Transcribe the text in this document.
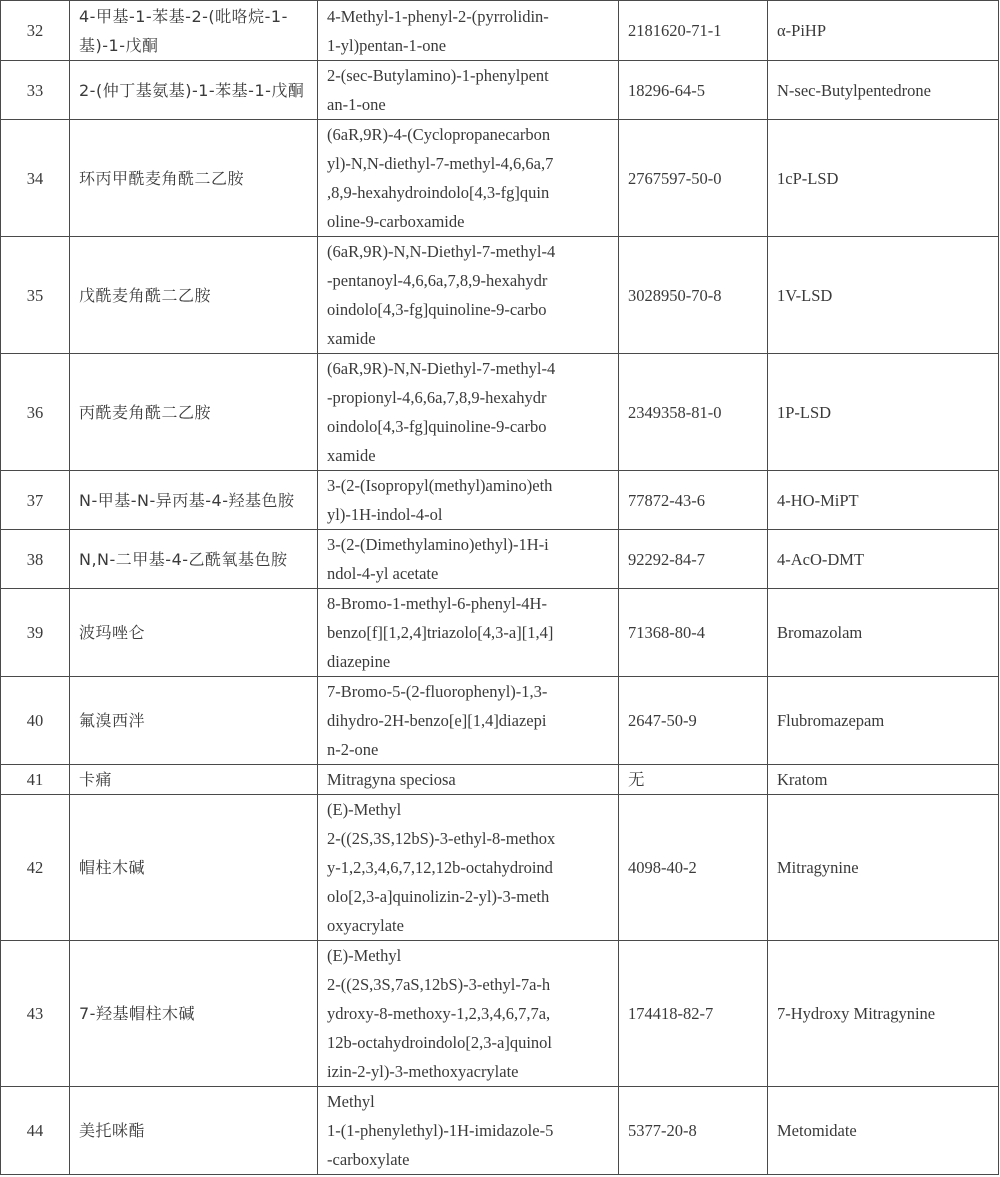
32	4-甲基-1-苯基-2-(吡咯烷-1-基)-1-戊酮	4-Methyl-1-phenyl-2-(pyrrolidin-
1-yl)pentan-1-one	2181620-71-1	α-PiHP
33	2-(仲丁基氨基)-1-苯基-1-戊酮	2-(sec-Butylamino)-1-phenylpent
an-1-one	18296-64-5	N-sec-Butylpentedrone
34	环丙甲酰麦角酰二乙胺	(6aR,9R)-4-(Cyclopropanecarbon
yl)-N,N-diethyl-7-methyl-4,6,6a,7
,8,9-hexahydroindolo[4,3-fg]quin
oline-9-carboxamide	2767597-50-0	1cP-LSD
35	戊酰麦角酰二乙胺	(6aR,9R)-N,N-Diethyl-7-methyl-4
-pentanoyl-4,6,6a,7,8,9-hexahydr
oindolo[4,3-fg]quinoline-9-carbo
xamide	3028950-70-8	1V-LSD
36	丙酰麦角酰二乙胺	(6aR,9R)-N,N-Diethyl-7-methyl-4
-propionyl-4,6,6a,7,8,9-hexahydr
oindolo[4,3-fg]quinoline-9-carbo
xamide	2349358-81-0	1P-LSD
37	N-甲基-N-异丙基-4-羟基色胺	3-(2-(Isopropyl(methyl)amino)eth
yl)-1H-indol-4-ol	77872-43-6	4-HO-MiPT
38	N,N-二甲基-4-乙酰氧基色胺	3-(2-(Dimethylamino)ethyl)-1H-i
ndol-4-yl acetate	92292-84-7	4-AcO-DMT
39	波玛唑仑	8-Bromo-1-methyl-6-phenyl-4H-
benzo[f][1,2,4]triazolo[4,3-a][1,4]
diazepine	71368-80-4	Bromazolam
40	氟溴西泮	7-Bromo-5-(2-fluorophenyl)-1,3-
dihydro-2H-benzo[e][1,4]diazepi
n-2-one	2647-50-9	Flubromazepam
41	卡痛	Mitragyna speciosa	无	Kratom
42	帽柱木碱	(E)-Methyl
2-((2S,3S,12bS)-3-ethyl-8-methox
y-1,2,3,4,6,7,12,12b-octahydroind
olo[2,3-a]quinolizin-2-yl)-3-meth
oxyacrylate	4098-40-2	Mitragynine
43	7-羟基帽柱木碱	(E)-Methyl
2-((2S,3S,7aS,12bS)-3-ethyl-7a-h
ydroxy-8-methoxy-1,2,3,4,6,7,7a,
12b-octahydroindolo[2,3-a]quinol
izin-2-yl)-3-methoxyacrylate	174418-82-7	7-Hydroxy Mitragynine
44	美托咪酯	Methyl
1-(1-phenylethyl)-1H-imidazole-5
-carboxylate	5377-20-8	Metomidate
